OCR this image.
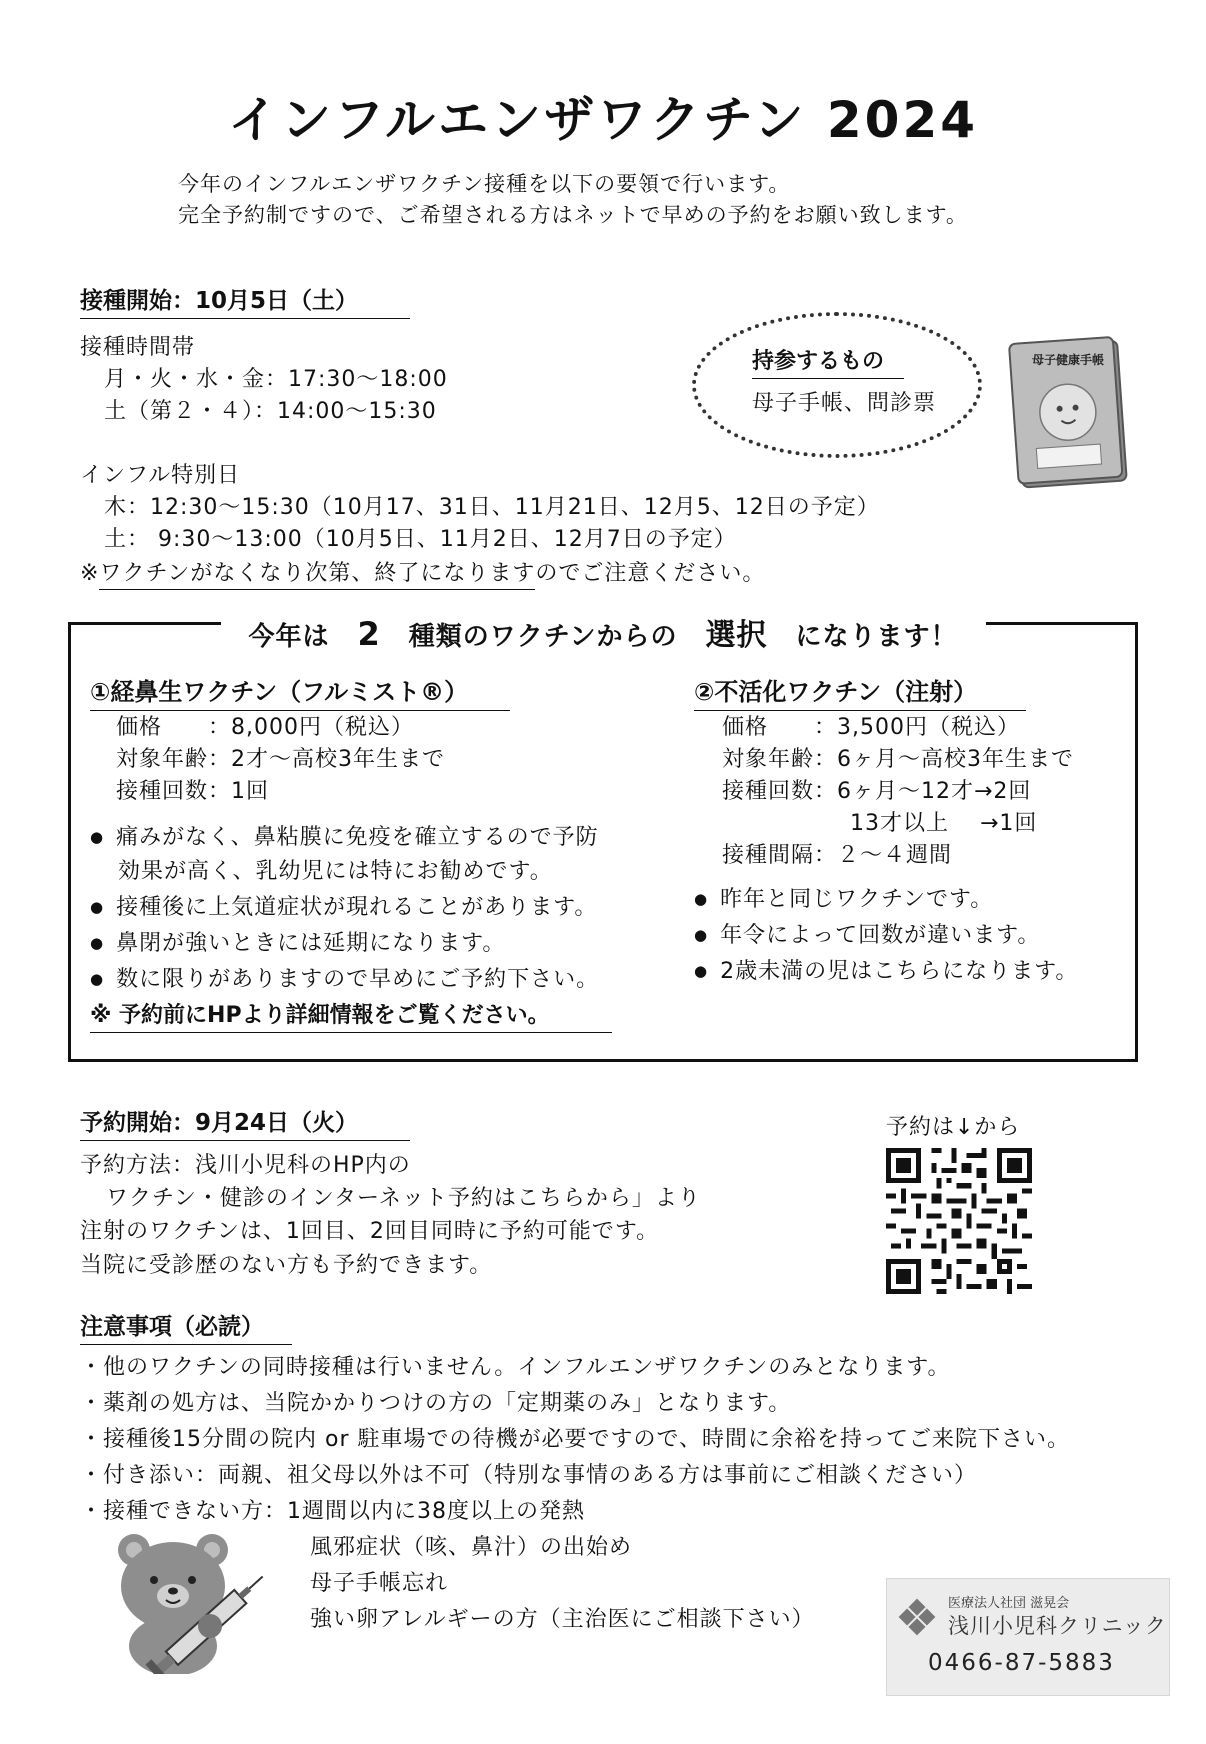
インフルエンザワクチン 2024
今年のインフルエンザワクチン接種を以下の要領で行います。
完全予約制ですので、ご希望される方はネットで早めの予約をお願い致します。
接種開始：10月5日（土）
接種時間帯
月・火・水・金：17:30～18:00
土（第２・４）：14:00～15:30
インフル特別日
木：12:30～15:30（10月17、31日、11月21日、12月5、12日の予定）
土： 9:30～13:00（10月5日、11月2日、12月7日の予定）
※ワクチンがなくなり次第、終了になりますのでご注意ください。
持参するもの
母子手帳、問診票
母子健康手帳
今年は 2 種類のワクチンからの 選択 になります！
①経鼻生ワクチン（フルミスト®）
価格　　：8,000円（税込）
対象年齢：2才～高校3年生まで
接種回数：1回
● 痛みがなく、鼻粘膜に免疫を確立するので予防
効果が高く、乳幼児には特にお勧めです。
● 接種後に上気道症状が現れることがあります。
● 鼻閉が強いときには延期になります。
● 数に限りがありますので早めにご予約下さい。
※ 予約前にHPより詳細情報をご覧ください。
②不活化ワクチン（注射）
価格　　：3,500円（税込）
対象年齢：6ヶ月～高校3年生まで
接種回数：6ヶ月～12才→2回
13才以上　 →1回
接種間隔：２～４週間
● 昨年と同じワクチンです。
● 年令によって回数が違います。
● 2歳未満の児はこちらになります。
予約開始：9月24日（火）
予約方法：浅川小児科のHP内の
ワクチン・健診のインターネット予約はこちらから」より
注射のワクチンは、1回目、2回目同時に予約可能です。
当院に受診歴のない方も予約できます。
予約は↓から
注意事項（必読）
・他のワクチンの同時接種は行いません。インフルエンザワクチンのみとなります。
・薬剤の処方は、当院かかりつけの方の「定期薬のみ」となります。
・接種後15分間の院内 or 駐車場での待機が必要ですので、時間に余裕を持ってご来院下さい。
・付き添い：両親、祖父母以外は不可（特別な事情のある方は事前にご相談ください）
・接種できない方：1週間以内に38度以上の発熱
風邪症状（咳、鼻汁）の出始め
母子手帳忘れ
強い卵アレルギーの方（主治医にご相談下さい）
医療法人社団 滋晃会
浅川小児科クリニック
0466-87-5883
